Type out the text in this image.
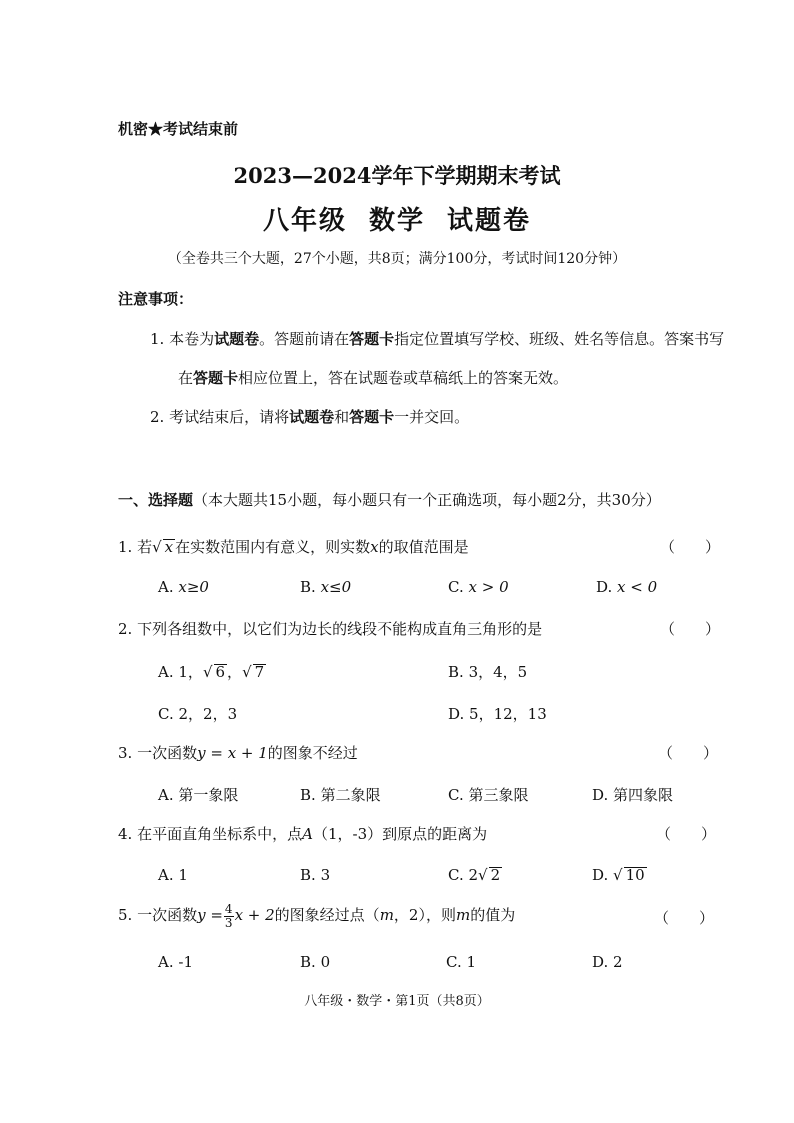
机密★考试结束前
2023—2024学年下学期期末考试
八年级 数学 试题卷
（全卷共三个大题，27个小题，共8页；满分100分，考试时间120分钟）
注意事项：
1. 本卷为试题卷。答题前请在答题卡指定位置填写学校、班级、姓名等信息。答案书写
在答题卡相应位置上，答在试题卷或草稿纸上的答案无效。
2. 考试结束后，请将试题卷和答题卡一并交回。
一、选择题（本大题共15小题，每小题只有一个正确选项，每小题2分，共30分）
1. 若√ x 在实数范围内有意义，则实数x的取值范围是	（　　）
A. x≥0	B. x≤0	C. x > 0	D. x < 0
2. 下列各组数中，以它们为边长的线段不能构成直角三角形的是	（　　）
A. 1，√ 6 ，√ 7	B. 3，4，5
C. 2，2，3	D. 5，12，13
3. 一次函数y = x + 1的图象不经过	（　　）
A. 第一象限	B. 第二象限	C. 第三象限	D. 第四象限
4. 在平面直角坐标系中，点A（1，-3）到原点的距离为	（　　）
A. 1	B. 3	C. 2√ 2	D. √ 10
5. 一次函数$y = \frac{4}{3}$ x + 2的图象经过点（m，2），则m的值为	（　　）
A. -1	B. 0	C. 1	D. 2
八年级・数学・第1页（共8页）
